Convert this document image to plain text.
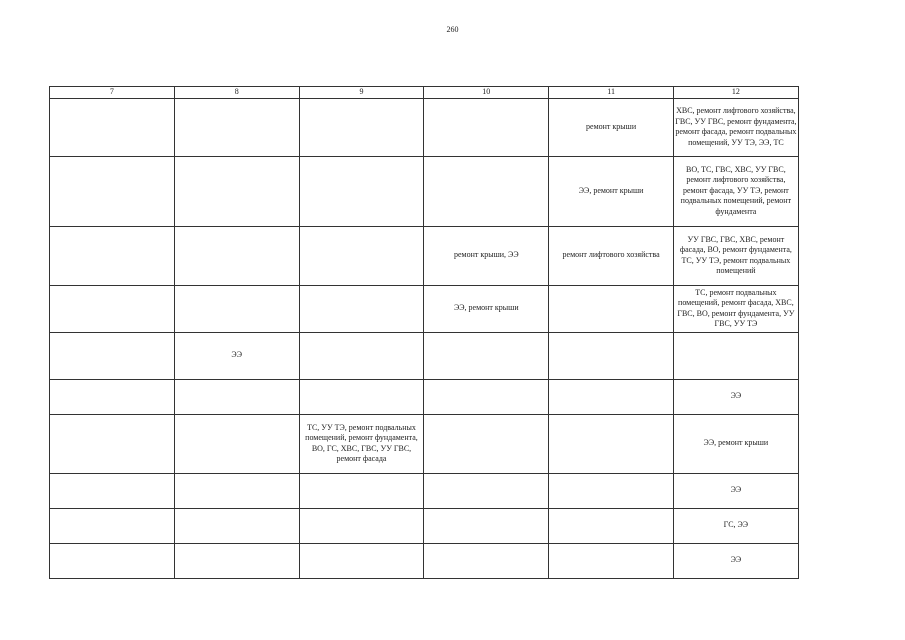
260
7	8	9	10	11	12
				ремонт крыши	ХВС, ремонт лифтового хозяйства, ГВС, УУ ГВС, ремонт фундамента, ремонт фасада, ремонт подвальных помещений, УУ ТЭ, ЭЭ, ТС
				ЭЭ, ремонт крыши	ВО, ТС, ГВС, ХВС, УУ ГВС, ремонт лифтового хозяйства, ремонт фасада, УУ ТЭ, ремонт подвальных помещений, ремонт фундамента
			ремонт крыши, ЭЭ	ремонт лифтового хозяйства	УУ ГВС, ГВС, ХВС, ремонт фасада, ВО, ремонт фундамента, ТС, УУ ТЭ, ремонт подвальных помещений
			ЭЭ, ремонт крыши		ТС, ремонт подвальных помещений, ремонт фасада, ХВС, ГВС, ВО, ремонт фундамента, УУ ГВС, УУ ТЭ
	ЭЭ				
					ЭЭ
		ТС, УУ ТЭ, ремонт подвальных помещений, ремонт фундамента, ВО, ГС, ХВС, ГВС, УУ ГВС, ремонт фасада			ЭЭ, ремонт крыши
					ЭЭ
					ГС, ЭЭ
					ЭЭ
